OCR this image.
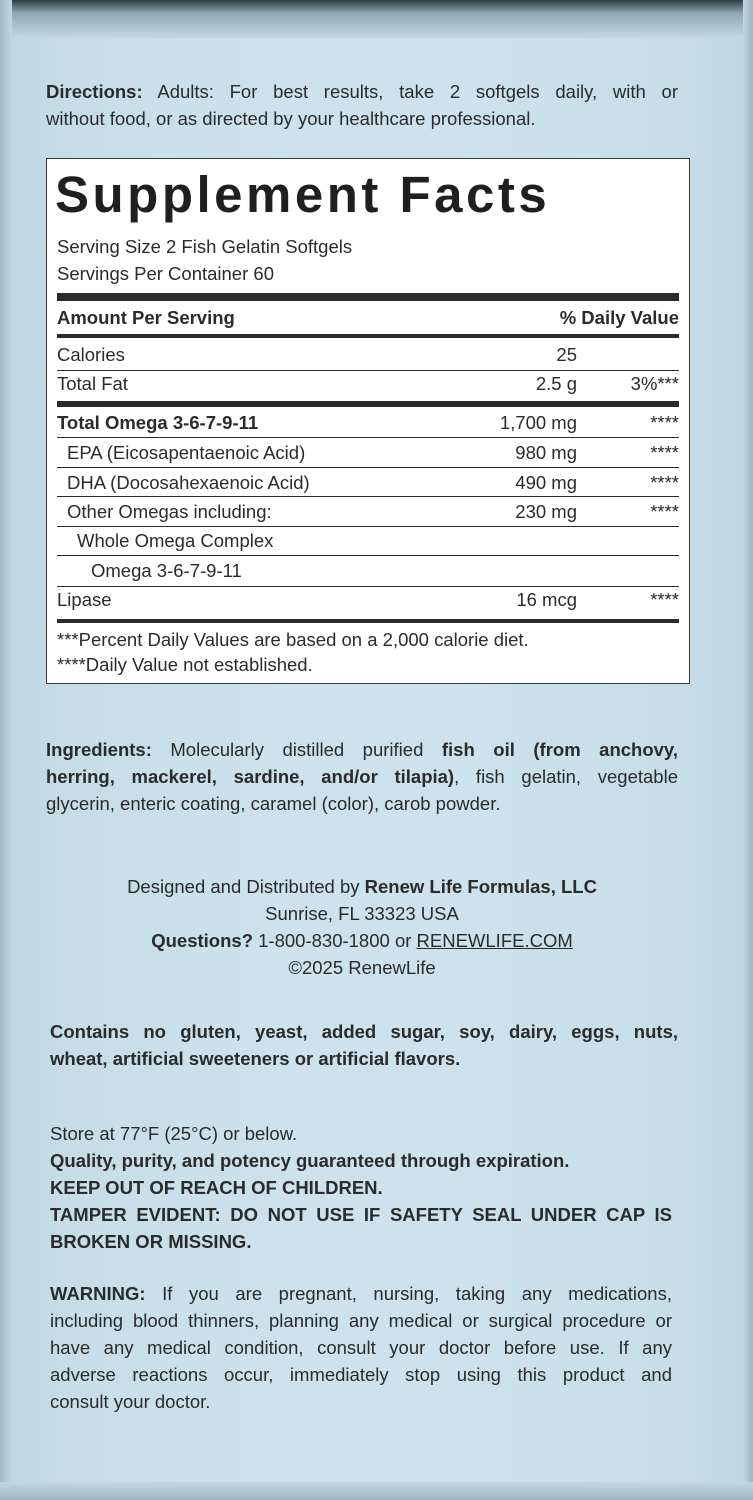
Directions: Adults: For best results, take 2 softgels daily, with or
without food, or as directed by your healthcare professional.
Supplement Facts
Serving Size 2 Fish Gelatin Softgels
Servings Per Container 60
Amount Per Serving	% Daily Value
Calories	25
Total Fat	2.5 g	3%***
Total Omega 3-6-7-9-11	1,700 mg	****
EPA (Eicosapentaenoic Acid)	980 mg	****
DHA (Docosahexaenoic Acid)	490 mg	****
Other Omegas including:	230 mg	****
Whole Omega Complex
Omega 3-6-7-9-11
Lipase	16 mcg	****
***Percent Daily Values are based on a 2,000 calorie diet.
****Daily Value not established.
Ingredients: Molecularly distilled purified fish oil (from anchovy,
herring, mackerel, sardine, and/or tilapia), fish gelatin, vegetable
glycerin, enteric coating, caramel (color), carob powder.
Designed and Distributed by Renew Life Formulas, LLC
Sunrise, FL 33323 USA
Questions? 1-800-830-1800 or RENEWLIFE.COM
©2025 RenewLife
Contains no gluten, yeast, added sugar, soy, dairy, eggs, nuts,
wheat, artificial sweeteners or artificial flavors.
Store at 77°F (25°C) or below.
Quality, purity, and potency guaranteed through expiration.
KEEP OUT OF REACH OF CHILDREN.
TAMPER EVIDENT: DO NOT USE IF SAFETY SEAL UNDER CAP IS
BROKEN OR MISSING.
WARNING: If you are pregnant, nursing, taking any medications,
including blood thinners, planning any medical or surgical procedure or
have any medical condition, consult your doctor before use. If any
adverse reactions occur, immediately stop using this product and
consult your doctor.
